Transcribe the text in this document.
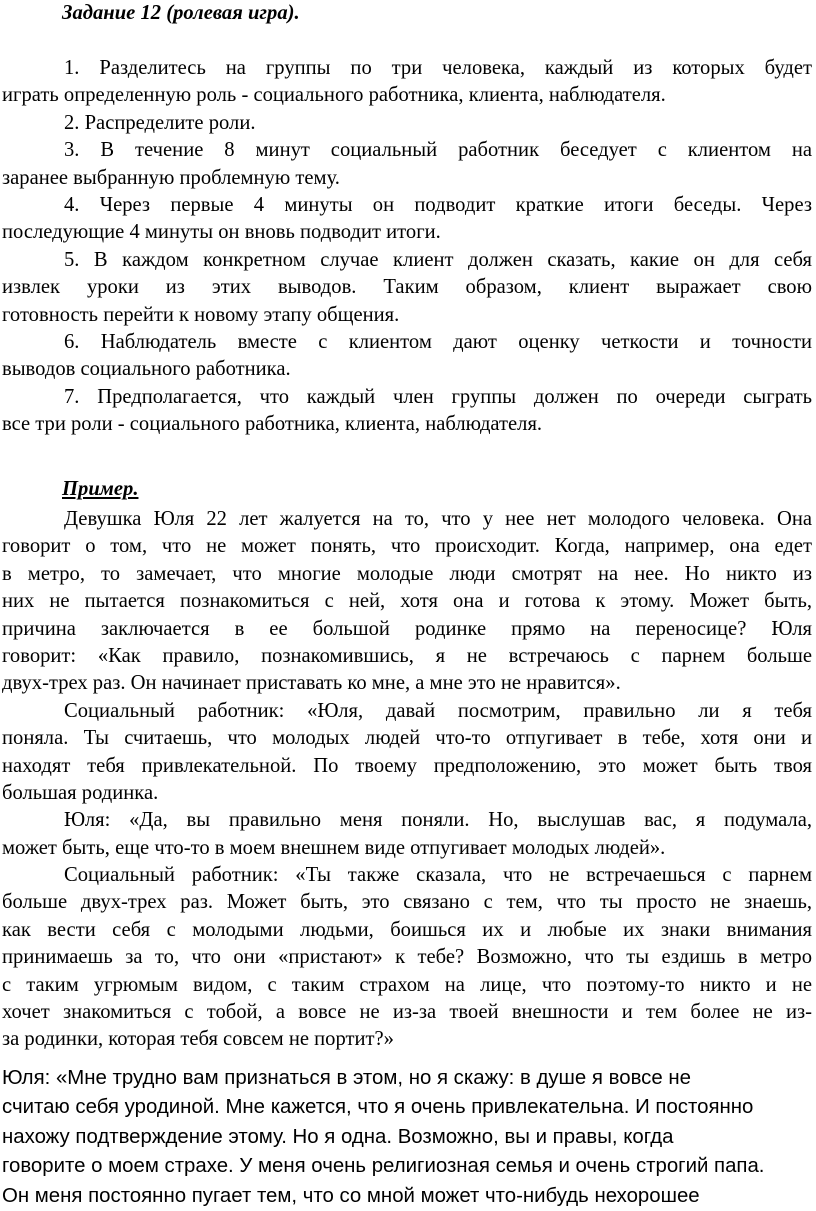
Задание 12 (ролевая игра).
1. Разделитесь на группы по три человека, каждый из которых будет
играть определенную роль - социального работника, клиента, наблюдателя.
2. Распределите роли.
3. В течение 8 минут социальный работник беседует с клиентом на
заранее выбранную проблемную тему.
4. Через первые 4 минуты он подводит краткие итоги беседы. Через
последующие 4 минуты он вновь подводит итоги.
5. В каждом конкретном случае клиент должен сказать, какие он для себя
извлек уроки из этих выводов. Таким образом, клиент выражает свою
готовность перейти к новому этапу общения.
6. Наблюдатель вместе с клиентом дают оценку четкости и точности
выводов социального работника.
7. Предполагается, что каждый член группы должен по очереди сыграть
все три роли - социального работника, клиента, наблюдателя.
Пример.
Девушка Юля 22 лет жалуется на то, что у нее нет молодого человека. Она
говорит о том, что не может понять, что происходит. Когда, например, она едет
в метро, то замечает, что многие молодые люди смотрят на нее. Но никто из
них не пытается познакомиться с ней, хотя она и готова к этому. Может быть,
причина заключается в ее большой родинке прямо на переносице? Юля
говорит: «Как правило, познакомившись, я не встречаюсь с парнем больше
двух-трех раз. Он начинает приставать ко мне, а мне это не нравится».
Социальный работник: «Юля, давай посмотрим, правильно ли я тебя
поняла. Ты считаешь, что молодых людей что-то отпугивает в тебе, хотя они и
находят тебя привлекательной. По твоему предположению, это может быть твоя
большая родинка.
Юля: «Да, вы правильно меня поняли. Но, выслушав вас, я подумала,
может быть, еще что-то в моем внешнем виде отпугивает молодых людей».
Социальный работник: «Ты также сказала, что не встречаешься с парнем
больше двух-трех раз. Может быть, это связано с тем, что ты просто не знаешь,
как вести себя с молодыми людьми, боишься их и любые их знаки внимания
принимаешь за то, что они «пристают» к тебе? Возможно, что ты ездишь в метро
с таким угрюмым видом, с таким страхом на лице, что поэтому-то никто и не
хочет знакомиться с тобой, а вовсе не из-за твоей внешности и тем более не из-
за родинки, которая тебя совсем не портит?»
Юля: «Мне трудно вам признаться в этом, но я скажу: в душе я вовсе не
считаю себя уродиной. Мне кажется, что я очень привлекательна. И постоянно
нахожу подтверждение этому. Но я одна. Возможно, вы и правы, когда
говорите о моем страхе. У меня очень религиозная семья и очень строгий папа.
Он меня постоянно пугает тем, что со мной может что-нибудь нехорошее
